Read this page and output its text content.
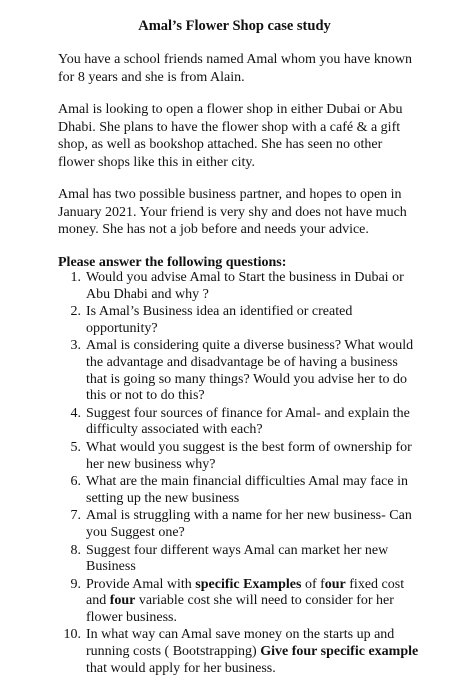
Amal’s Flower Shop case study
You have a school friends named Amal whom you have known for 8 years and she is from Alain.
Amal is looking to open a flower shop in either Dubai or Abu Dhabi. She plans to have the flower shop with a café & a gift shop, as well as bookshop attached. She has seen no other flower shops like this in either city.
Amal has two possible business partner, and hopes to open in January 2021. Your friend is very shy and does not have much money. She has not a job before and needs your advice.
Please answer the following questions:
1. Would you advise Amal to Start the business in Dubai or Abu Dhabi and why ?
2. Is Amal’s Business idea an identified or created opportunity?
3. Amal is considering quite a diverse business? What would the advantage and disadvantage be of having a business that is going so many things? Would you advise her to do this or not to do this?
4. Suggest four sources of finance for Amal- and explain the difficulty associated with each?
5. What would you suggest is the best form of ownership for her new business why?
6. What are the main financial difficulties Amal may face in setting up the new business
7. Amal is struggling with a name for her new business- Can you Suggest one?
8. Suggest four different ways Amal can market her new Business
9. Provide Amal with specific Examples of four fixed cost and four variable cost she will need to consider for her flower business.
10. In what way can Amal save money on the starts up and running costs ( Bootstrapping) Give four specific example that would apply for her business.
